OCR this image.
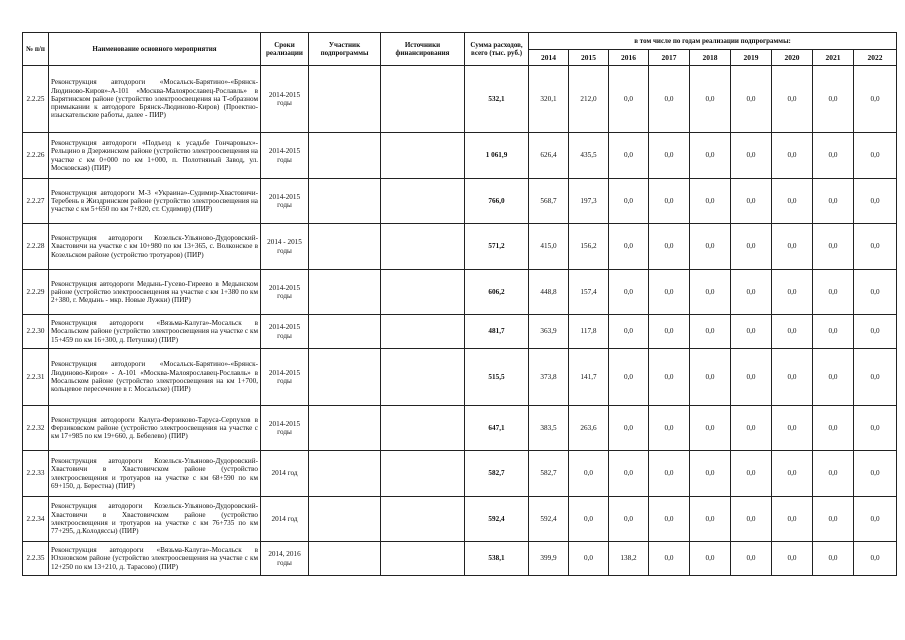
№ п/п	Наименование основного мероприятия	Сроки реализации	Участник подпрограммы	Источники финансирования	Сумма расходов, всего (тыс. руб.)	в том числе по годам реализации подпрограммы:								
						2014	2015	2016	2017	2018	2019	2020	2021	2022
2.2.25	Реконструкция автодороги «Мосальск-Барятино»-«Брянск-Людиново-Киров»-А-101 «Москва-Малоярославец-Рославль» в Барятинском районе (устройство электроосвещения на Т-образном примыкании к автодороге Брянск-Людиново-Киров) (Проектно-изыскательские работы, далее - ПИР)	2014-2015 годы			532,1	320,1	212,0	0,0	0,0	0,0	0,0	0,0	0,0	0,0
2.2.26	Реконструкция автодороги «Подъезд к усадьбе Гончаровых»-Рельцино в Дзержинском районе (устройство электроосвещения на участке с км 0+000 по км 1+000, п. Полотняный Завод, ул. Московская) (ПИР)	2014-2015 годы			1 061,9	626,4	435,5	0,0	0,0	0,0	0,0	0,0	0,0	0,0
2.2.27	Реконструкция автодороги М-3 «Украина»-Судимир-Хвастовичи-Теребень в Жиздринском районе (устройство электроосвещения на участке с км 5+650 по км 7+820, ст. Судимир) (ПИР)	2014-2015 годы			766,0	568,7	197,3	0,0	0,0	0,0	0,0	0,0	0,0	0,0
2.2.28	Реконструкция автодороги Козельск-Ульяново-Дудоровский-Хвастовичи на участке с км 10+980 по км 13+365, с. Волконское в Козельском районе (устройство тротуаров) (ПИР)	2014 - 2015 годы			571,2	415,0	156,2	0,0	0,0	0,0	0,0	0,0	0,0	0,0
2.2.29	Реконструкция автодороги Медынь-Гусево-Гиреево в Медынском районе (устройство электроосвещения на участке с км 1+380 по км 2+380, г. Медынь - мкр. Новые Лужки) (ПИР)	2014-2015 годы			606,2	448,8	157,4	0,0	0,0	0,0	0,0	0,0	0,0	0,0
2.2.30	Реконструкция автодороги «Вязьма-Калуга»-Мосальск в Мосальском районе (устройство электроосвещения на участке с км 15+459 по км 16+300, д. Петушки) (ПИР)	2014-2015 годы			481,7	363,9	117,8	0,0	0,0	0,0	0,0	0,0	0,0	0,0
2.2.31	Реконструкция автодороги «Мосальск-Барятино»-«Брянск-Людиново-Киров» - А-101 «Москва-Малоярославец-Рославль» в Мосальском районе (устройство электроосвещения на км 1+700, кольцевое пересечение в г. Мосальске) (ПИР)	2014-2015 годы			515,5	373,8	141,7	0,0	0,0	0,0	0,0	0,0	0,0	0,0
2.2.32	Реконструкция автодороги Калуга-Ферзиково-Таруса-Серпухов в Ферзиковском районе (устройство электроосвещения на участке с км 17+985 по км 19+660, д. Бебелево) (ПИР)	2014-2015 годы			647,1	383,5	263,6	0,0	0,0	0,0	0,0	0,0	0,0	0,0
2.2.33	Реконструкция автодороги Козельск-Ульяново-Дудоровский-Хвастовичи в Хвастовичском районе (устройство электроосвещения и тротуаров на участке с км 68+590 по км 69+150, д. Берестна) (ПИР)	2014 год			582,7	582,7	0,0	0,0	0,0	0,0	0,0	0,0	0,0	0,0
2.2.34	Реконструкция автодороги Козельск-Ульяново-Дудоровский-Хвастовичи в Хвастовичском районе (устройство электроосвещения и тротуаров на участке с км 76+735 по км 77+295, д.Колодяссы) (ПИР)	2014 год			592,4	592,4	0,0	0,0	0,0	0,0	0,0	0,0	0,0	0,0
2.2.35	Реконструкция автодороги «Вязьма-Калуга»-Мосальск в Юхновском районе (устройство электроосвещения на участке с км 12+250 по км 13+210, д. Тарасово) (ПИР)	2014, 2016 годы			538,1	399,9	0,0	138,2	0,0	0,0	0,0	0,0	0,0	0,0
